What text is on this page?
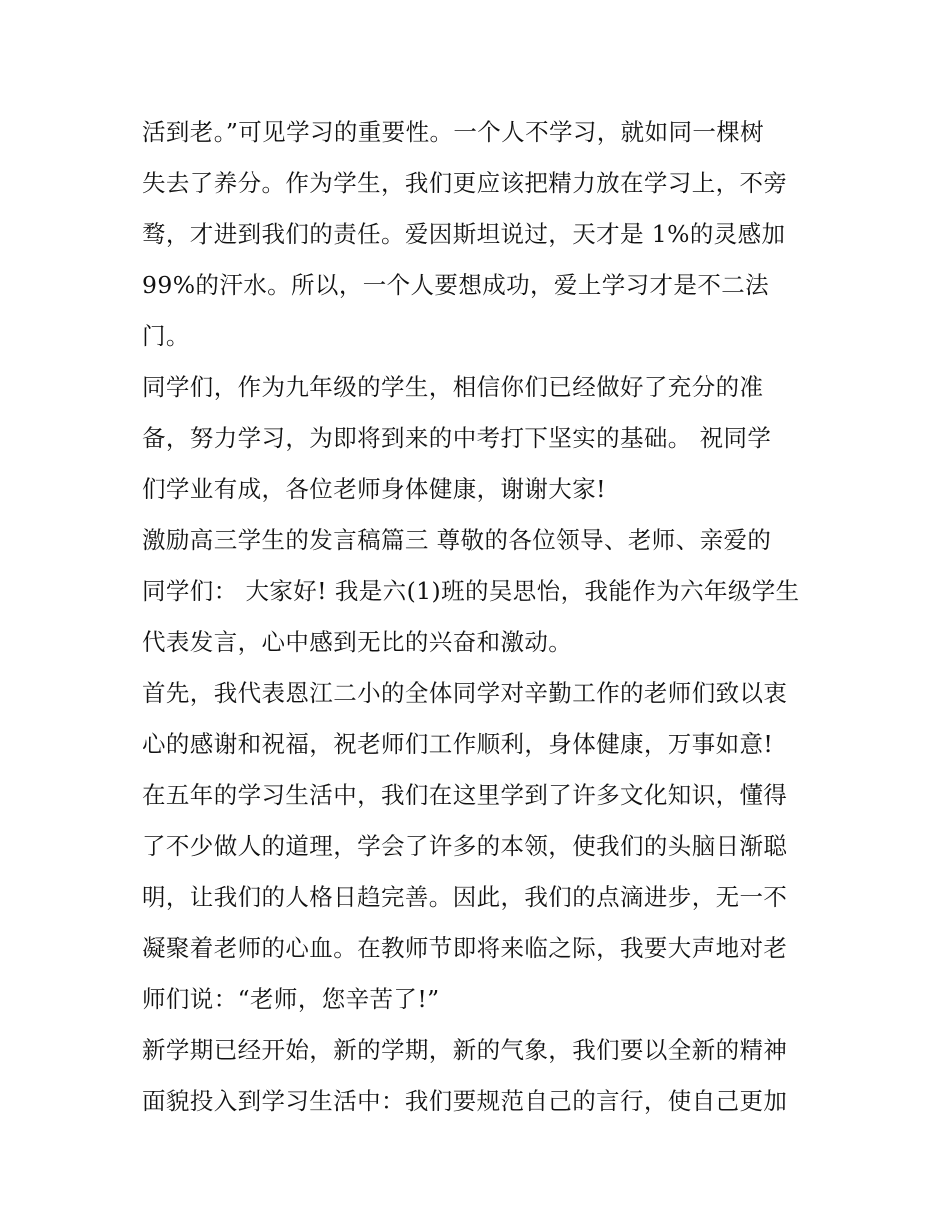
活到老。”可见学习的重要性。一个人不学习，就如同一棵树
失去了养分。作为学生，我们更应该把精力放在学习上，不旁
骛，才进到我们的责任。爱因斯坦说过，天才是 1%的灵感加
99%的汗水。所以，一个人要想成功，爱上学习才是不二法
门。
同学们，作为九年级的学生，相信你们已经做好了充分的准
备，努力学习，为即将到来的中考打下坚实的基础。 祝同学
们学业有成，各位老师身体健康，谢谢大家!
激励高三学生的发言稿篇三 尊敬的各位领导、老师、亲爱的
同学们： 大家好! 我是六(1)班的吴思怡，我能作为六年级学生
代表发言，心中感到无比的兴奋和激动。
首先，我代表恩江二小的全体同学对辛勤工作的老师们致以衷
心的感谢和祝福，祝老师们工作顺利，身体健康，万事如意!
在五年的学习生活中，我们在这里学到了许多文化知识，懂得
了不少做人的道理，学会了许多的本领，使我们的头脑日渐聪
明，让我们的人格日趋完善。因此，我们的点滴进步，无一不
凝聚着老师的心血。在教师节即将来临之际，我要大声地对老
师们说：“老师，您辛苦了!”
新学期已经开始，新的学期，新的气象，我们要以全新的精神
面貌投入到学习生活中：我们要规范自己的言行，使自己更加
